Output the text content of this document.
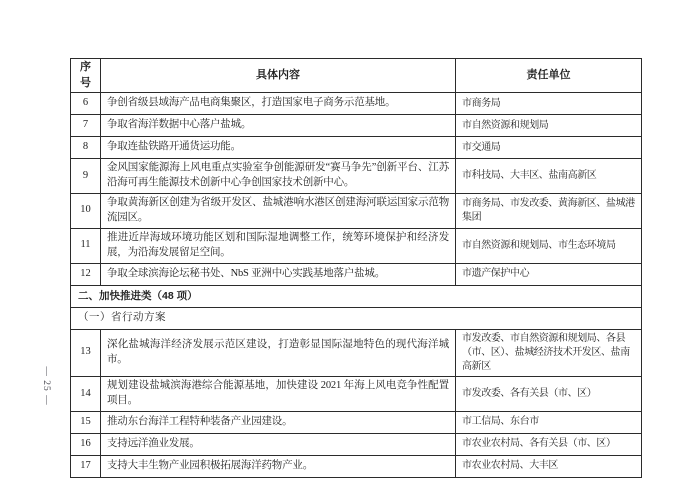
— 25 —
序号	具体内容	责任单位
6	争创省级县域海产品电商集聚区，打造国家电子商务示范基地。	市商务局
7	争取省海洋数据中心落户盐城。	市自然资源和规划局
8	争取连盐铁路开通货运功能。	市交通局
9	金风国家能源海上风电重点实验室争创能源研发“赛马争先”创新平台、江苏沿海可再生能源技术创新中心争创国家技术创新中心。	市科技局、大丰区、盐南高新区
10	争取黄海新区创建为省级开发区、盐城港响水港区创建海河联运国家示范物流园区。	市商务局、市发改委、黄海新区、盐城港集团
11	推进近岸海域环境功能区划和国际湿地调整工作，统筹环境保护和经济发展，为沿海发展留足空间。	市自然资源和规划局、市生态环境局
12	争取全球滨海论坛秘书处、NbS 亚洲中心实践基地落户盐城。	市遗产保护中心
二、加快推进类（48 项）		
（一）省行动方案		
13	深化盐城海洋经济发展示范区建设，打造彰显国际湿地特色的现代海洋城市。	市发改委、市自然资源和规划局、各县（市、区）、盐城经济技术开发区、盐南高新区
14	规划建设盐城滨海港综合能源基地，加快建设 2021 年海上风电竞争性配置项目。	市发改委、各有关县（市、区）
15	推动东台海洋工程特种装备产业园建设。	市工信局、东台市
16	支持远洋渔业发展。	市农业农村局、各有关县（市、区）
17	支持大丰生物产业园积极拓展海洋药物产业。	市农业农村局、大丰区
